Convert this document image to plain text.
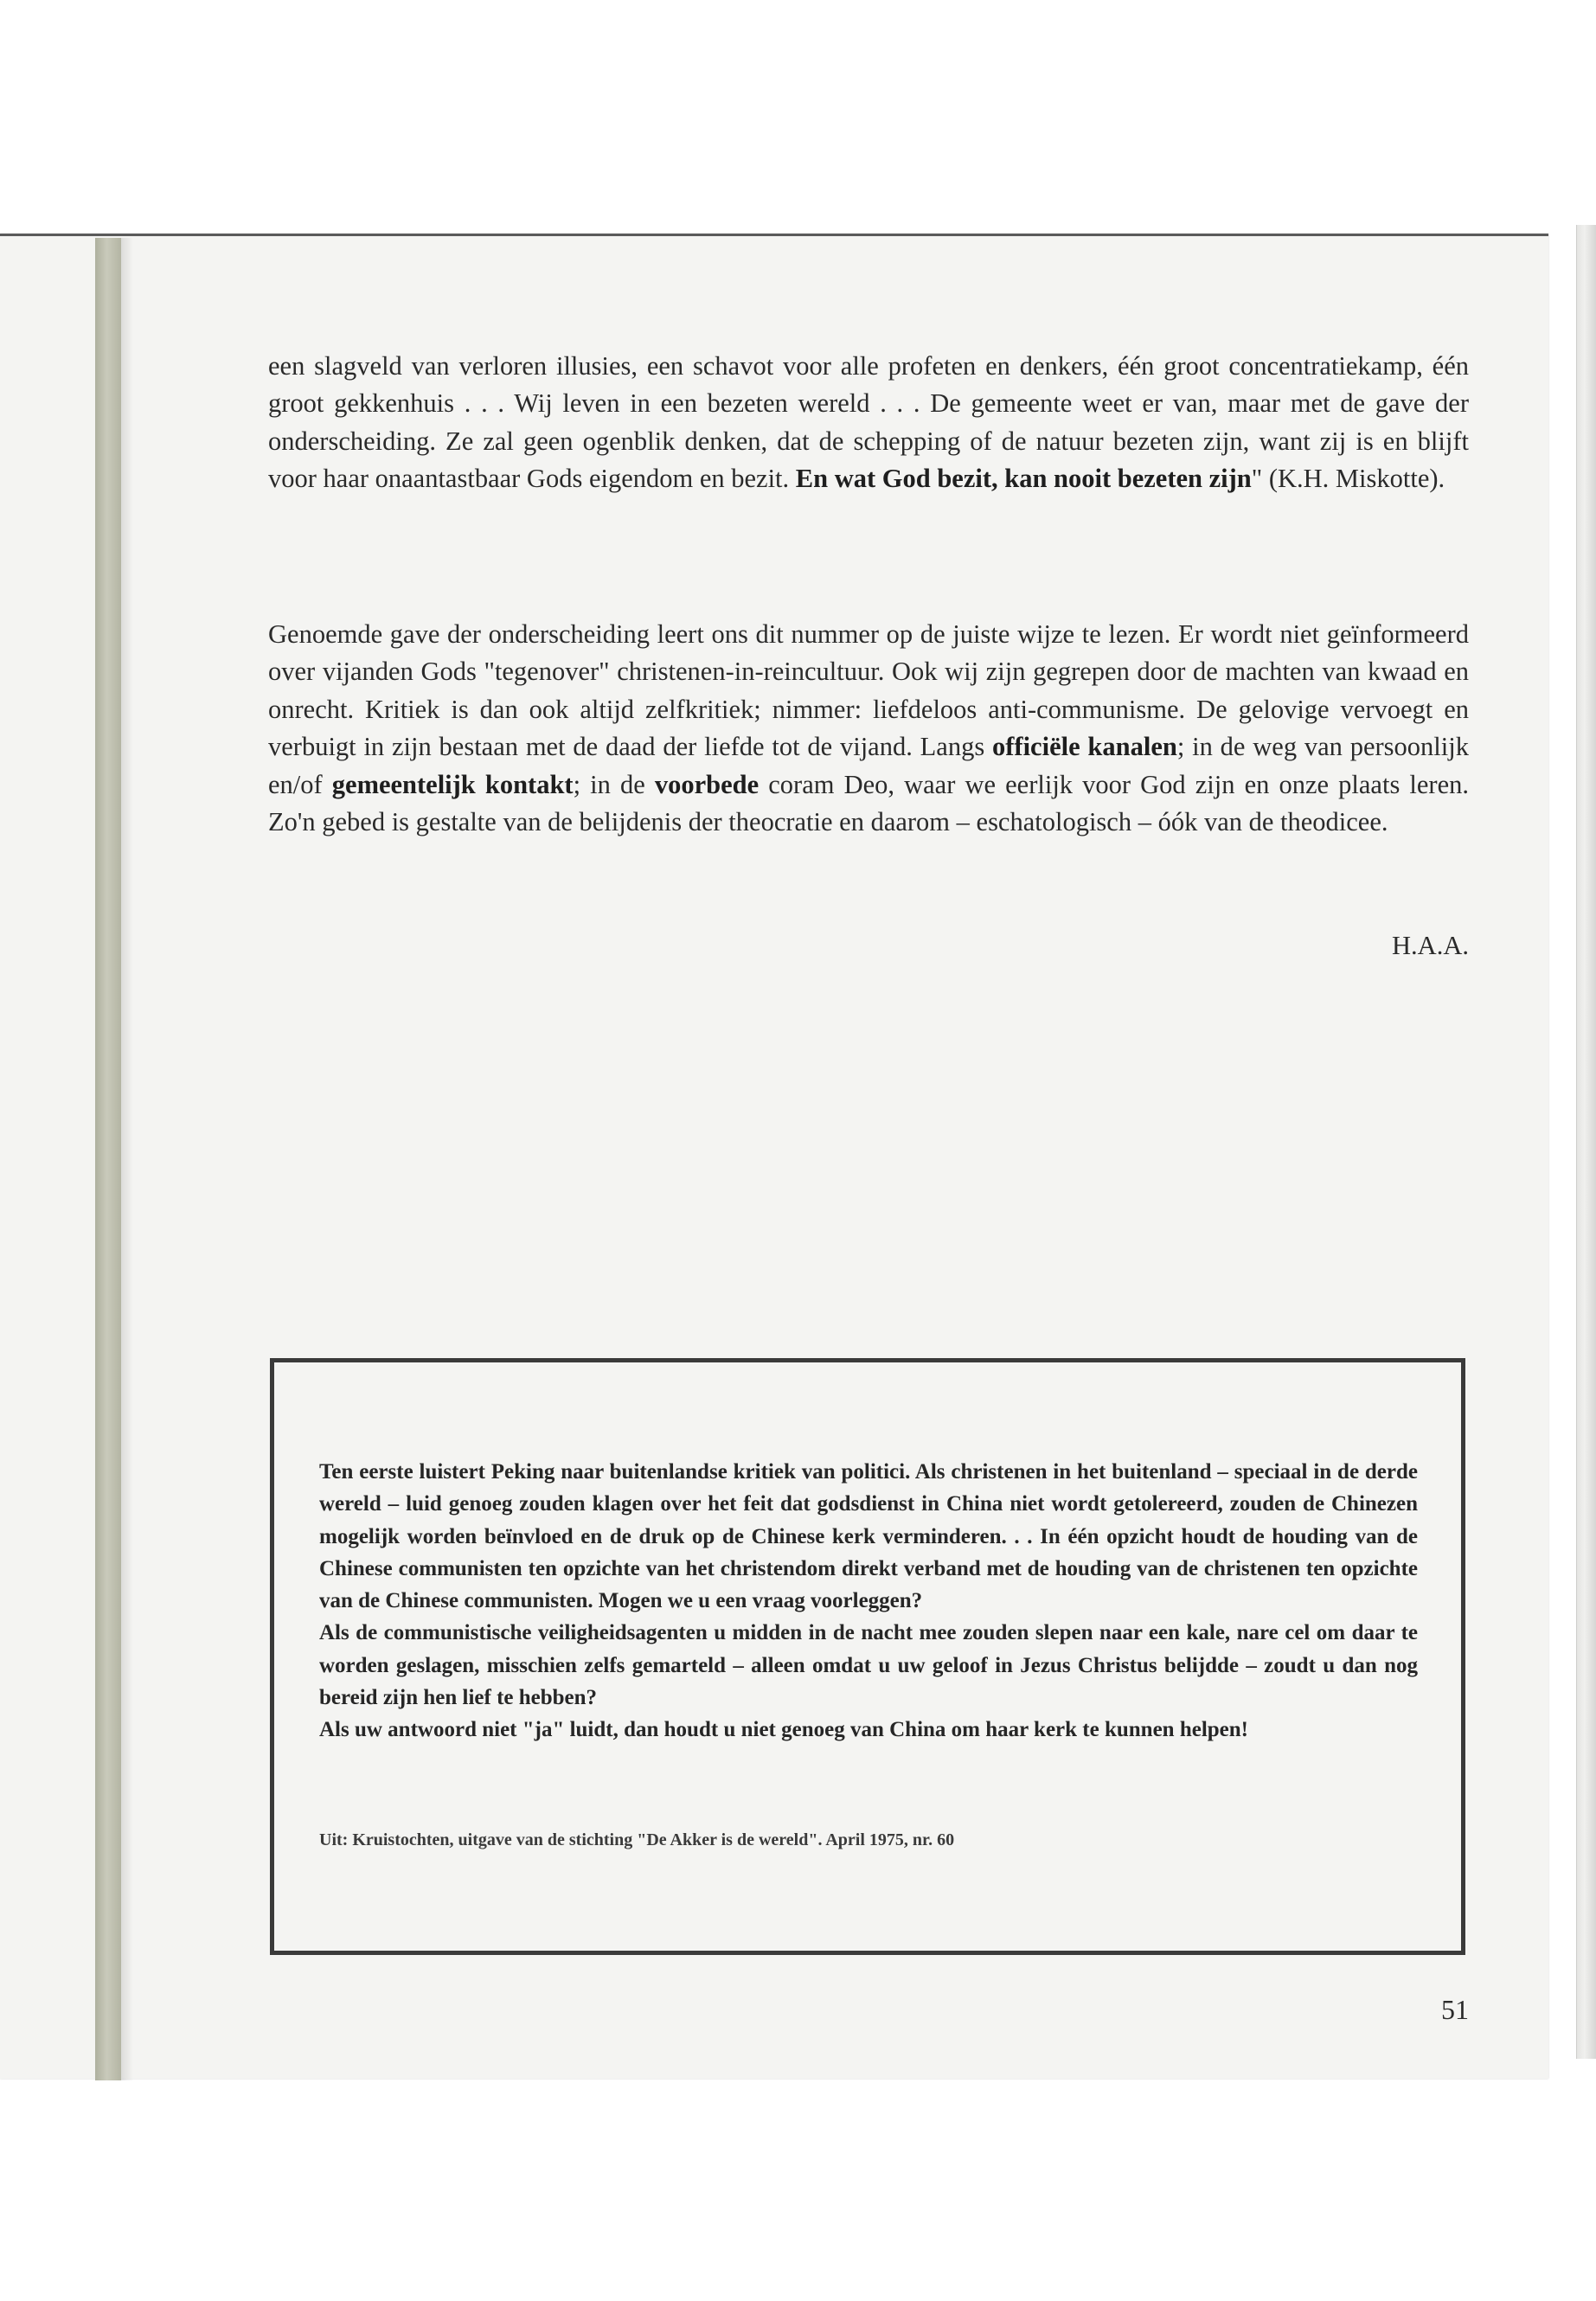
een slagveld van verloren illusies, een schavot voor alle profeten en denkers, één groot concentratiekamp, één groot gekkenhuis . . . Wij leven in een bezeten wereld . . . De gemeente weet er van, maar met de gave der onderscheiding. Ze zal geen ogenblik denken, dat de schepping of de natuur bezeten zijn, want zij is en blijft voor haar onaantastbaar Gods eigendom en bezit. En wat God bezit, kan nooit bezeten zijn" (K.H. Miskotte).

Genoemde gave der onderscheiding leert ons dit nummer op de juiste wijze te lezen. Er wordt niet geïnformeerd over vijanden Gods "tegenover" christenen-in-reincultuur. Ook wij zijn gegrepen door de machten van kwaad en onrecht. Kritiek is dan ook altijd zelfkritiek; nimmer: liefdeloos anti-communisme. De gelovige vervoegt en verbuigt in zijn bestaan met de daad der liefde tot de vijand. Langs officiële kanalen; in de weg van persoonlijk en/of gemeentelijk kontakt; in de voorbede coram Deo, waar we eerlijk voor God zijn en onze plaats leren. Zo'n gebed is gestalte van de belijdenis der theocratie en daarom – eschatologisch – óók van de theodicee.

H.A.A.

Ten eerste luistert Peking naar buitenlandse kritiek van politici. Als christenen in het buitenland – speciaal in de derde wereld – luid genoeg zouden klagen over het feit dat godsdienst in China niet wordt getolereerd, zouden de Chinezen mogelijk worden beïnvloed en de druk op de Chinese kerk verminderen. . . In één opzicht houdt de houding van de Chinese communisten ten opzichte van het christendom direkt verband met de houding van de christenen ten opzichte van de Chinese communisten. Mogen we u een vraag voorleggen?
Als de communistische veiligheidsagenten u midden in de nacht mee zouden slepen naar een kale, nare cel om daar te worden geslagen, misschien zelfs gemarteld – alleen omdat u uw geloof in Jezus Christus belijdde – zoudt u dan nog bereid zijn hen lief te hebben?
Als uw antwoord niet "ja" luidt, dan houdt u niet genoeg van China om haar kerk te kunnen helpen!

Uit: Kruistochten, uitgave van de stichting "De Akker is de wereld". April 1975, nr. 60

51
